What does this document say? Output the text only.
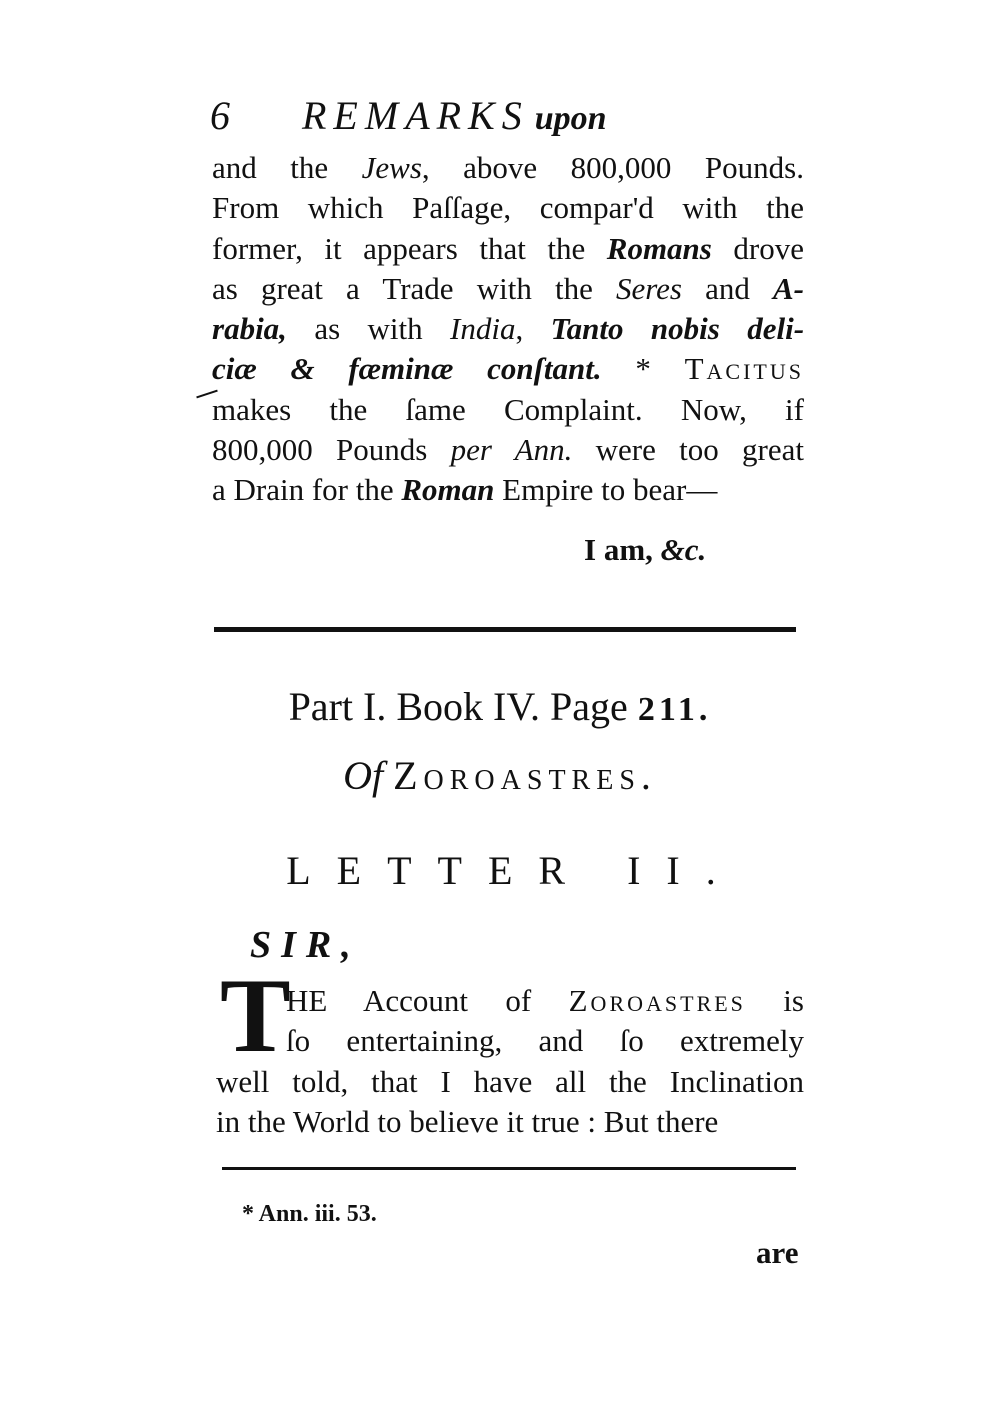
6 REMARKS upon
and the Jews, above 800,000 Pounds.
From which Paſſage, compar'd with the
former, it appears that the Romans drove
as great a Trade with the Seres and A-
rabia, as with India, Tanto nobis deli-
ciæ & fæminæ conſtant. * Tacitus
makes the ſame Complaint. Now, if
800,000 Pounds per Ann. were too great
a Drain for the Roman Empire to bear—
I am, &c.
Part I. Book IV. Page 211.
Of Zoroastres.
LETTER II.
SIR,
T
HE Account of Zoroastres is
ſo entertaining, and ſo extremely
well told, that I have all the Inclination
in the World to believe it true : But there
* Ann. iii. 53.
are
